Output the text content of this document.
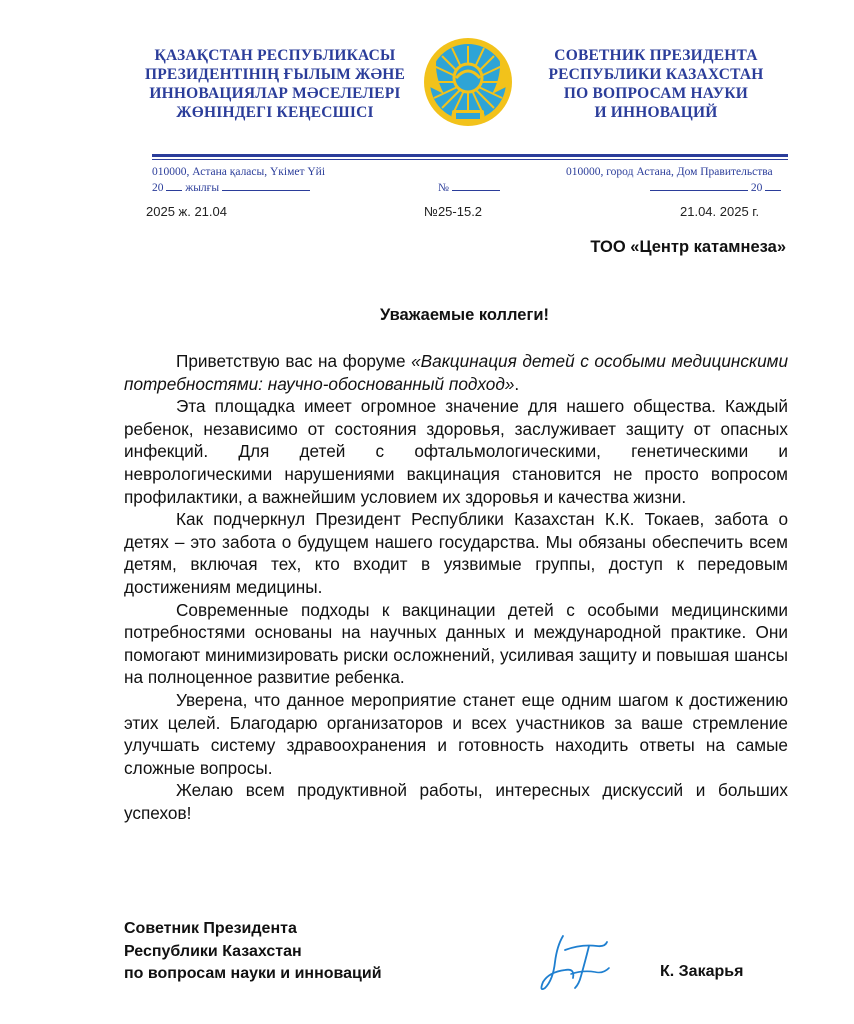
ҚАЗАҚСТАН РЕСПУБЛИКАСЫ
ПРЕЗИДЕНТІНІҢ ҒЫЛЫМ ЖӘНЕ
ИННОВАЦИЯЛАР МӘСЕЛЕЛЕРІ
ЖӨНІНДЕГІ КЕҢЕСШІСІ
СОВЕТНИК ПРЕЗИДЕНТА
РЕСПУБЛИКИ КАЗАХСТАН
ПО ВОПРОСАМ НАУКИ
И ИННОВАЦИЙ
010000, Астана қаласы, Үкімет Үйі
20 жылғы	№
010000, город Астана, Дом Правительства
20
2025 ж. 21.04	№25-15.2	21.04. 2025 г.
ТОО «Центр катамнеза»
Уважаемые коллеги!

Приветствую вас на форуме «Вакцинация детей с особыми медицинскими потребностями: научно-обоснованный подход».

Эта площадка имеет огромное значение для нашего общества. Каждый ребенок, независимо от состояния здоровья, заслуживает защиту от опасных инфекций. Для детей с офтальмологическими, генетическими и неврологическими нарушениями вакцинация становится не просто вопросом профилактики, а важнейшим условием их здоровья и качества жизни.

Как подчеркнул Президент Республики Казахстан К.К. Токаев, забота о детях – это забота о будущем нашего государства. Мы обязаны обеспечить всем детям, включая тех, кто входит в уязвимые группы, доступ к передовым достижениям медицины.

Современные подходы к вакцинации детей с особыми медицинскими потребностями основаны на научных данных и международной практике. Они помогают минимизировать риски осложнений, усиливая защиту и повышая шансы на полноценное развитие ребенка.

Уверена, что данное мероприятие станет еще одним шагом к достижению этих целей. Благодарю организаторов и всех участников за ваше стремление улучшать систему здравоохранения и готовность находить ответы на самые сложные вопросы.

Желаю всем продуктивной работы, интересных дискуссий и больших успехов!

Советник Президента
Республики Казахстан
по вопросам науки и инноваций	К. Закарья
